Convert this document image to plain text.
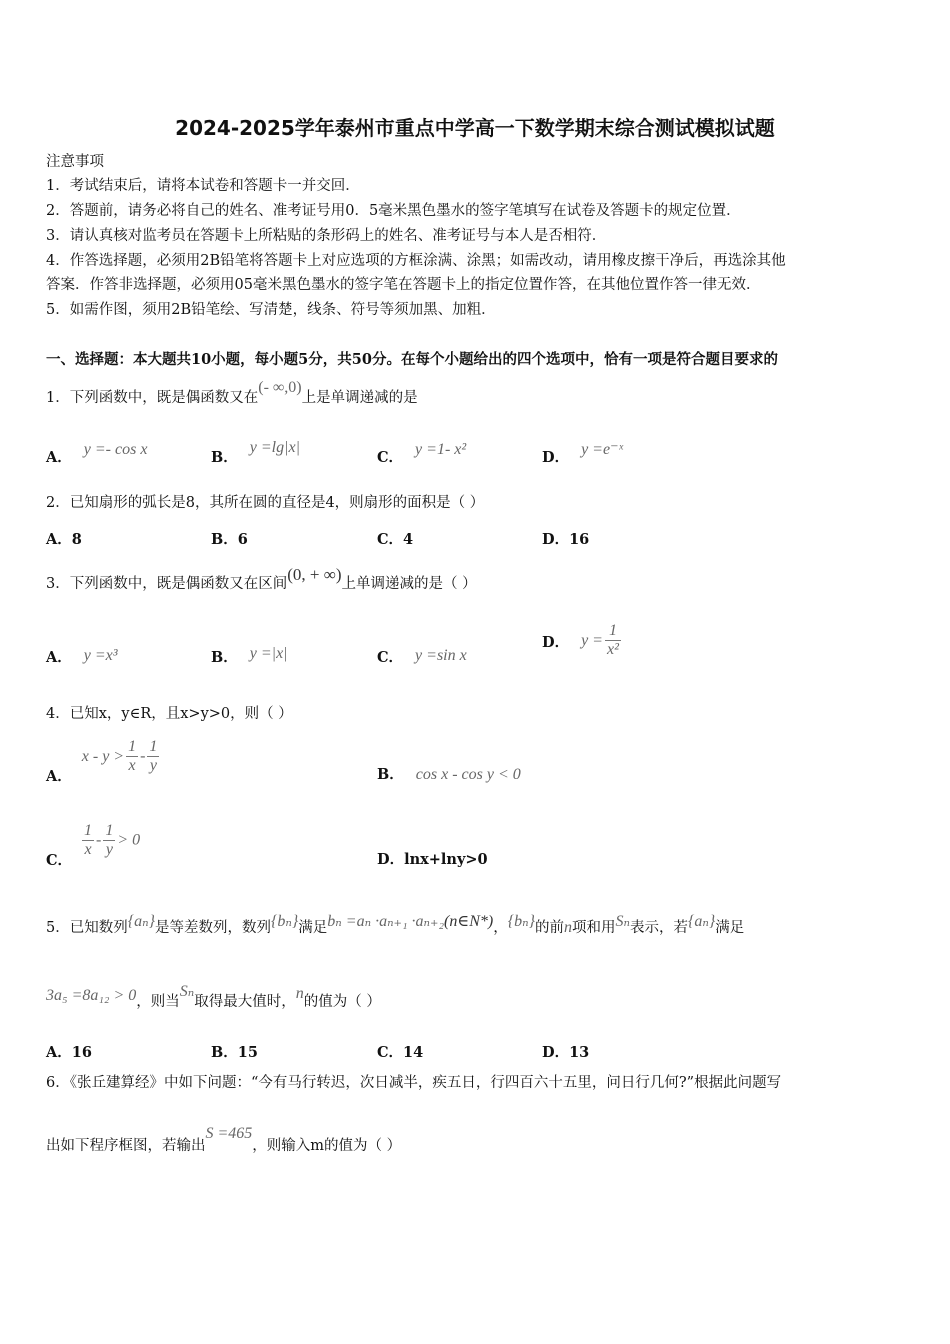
2024-2025学年泰州市重点中学高一下数学期末综合测试模拟试题
注意事项
1．考试结束后，请将本试卷和答题卡一并交回．
2．答题前，请务必将自己的姓名、准考证号用0．5毫米黑色墨水的签字笔填写在试卷及答题卡的规定位置．
3．请认真核对监考员在答题卡上所粘贴的条形码上的姓名、准考证号与本人是否相符．
4．作答选择题，必须用2B铅笔将答题卡上对应选项的方框涂满、涂黑；如需改动，请用橡皮擦干净后，再选涂其他
答案．作答非选择题，必须用05毫米黑色墨水的签字笔在答题卡上的指定位置作答，在其他位置作答一律无效．
5．如需作图，须用2B铅笔绘、写清楚，线条、符号等须加黑、加粗．
一、选择题：本大题共10小题，每小题5分，共50分。在每个小题给出的四个选项中，恰有一项是符合题目要求的
1．下列函数中，既是偶函数又在(- ∞,0)上是单调递减的是
A． y =- cos x	B．y =lg|x|
C． y =1- x²	D． y =e⁻ˣ
2．已知扇形的弧长是8，其所在圆的直径是4，则扇形的面积是（ ）
A．8	B．6	C．4	D．16
3．下列函数中，既是偶函数又在区间(0, + ∞)上单调递减的是（ ）
A． y =x³	B． y =|x|	C． y =sin x
D． $y = \frac{1}{\text{x²}}$
4．已知x，y∈R，且x>y>0，则（ ）
A．$x - y > \frac{1}{x} - \frac{1}{y}$	B． cos x - cos y < 0
C．
$\frac{1}{x} - \frac{1}{y} > 0$
D．lnx+lny>0
5．已知数列{aₙ}是等差数列，数列{bₙ}满足bₙ =aₙ ·aₙ₊₁ ·aₙ₊₂(n∈N*)，{bₙ}的前n项和用Sₙ表示，若{aₙ}满足
3a₅ =8a₁₂ > 0，则当Sₙ取得最大值时，n的值为（ ）
A．16	B．15	C．14	D．13
6．《张丘建算经》中如下问题：“今有马行转迟，次日减半，疾五日，行四百六十五里，问日行几何?”根据此问题写
出如下程序框图，若输出S =465，则输入m的值为（ ）
